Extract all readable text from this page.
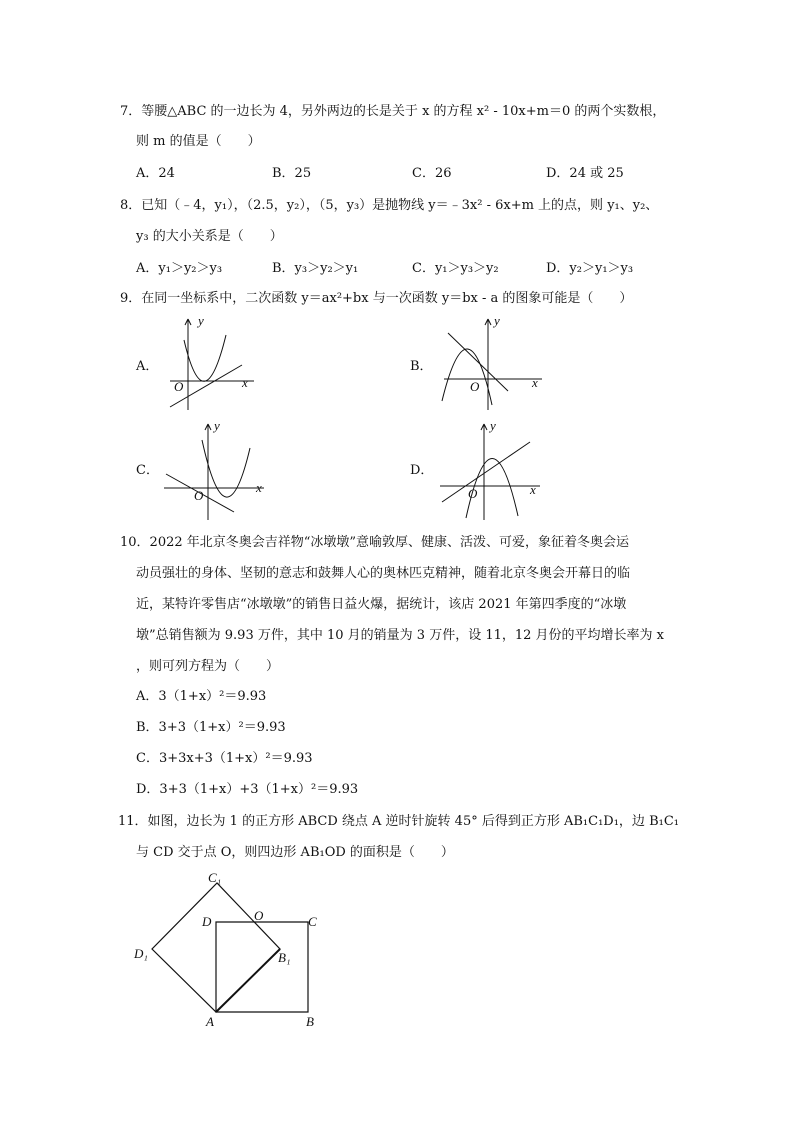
7．等腰△ABC 的一边长为 4，另外两边的长是关于 x 的方程 x² - 10x+m＝0 的两个实数根，
则 m 的值是（　　）
A．24	B．25	C．26	D．24 或 25
8．已知（﹣4，y₁），（2.5，y₂），（5，y₃）是抛物线 y＝﹣3x² - 6x+m 上的点，则 y₁、y₂、
y₃ 的大小关系是（　　）
A．y₁＞y₂＞y₃	B．y₃＞y₂＞y₁	C．y₁＞y₃＞y₂	D．y₂＞y₁＞y₃
9．在同一坐标系中，二次函数 y＝ax²+bx 与一次函数 y＝bx - a 的图象可能是（　　）
A．
y
x
O
B．
y
x
O
C．
y
x
O
D．
y
x
O
10．2022 年北京冬奥会吉祥物“冰墩墩”意喻敦厚、健康、活泼、可爱，象征着冬奥会运
动员强壮的身体、坚韧的意志和鼓舞人心的奥林匹克精神，随着北京冬奥会开幕日的临
近，某特许零售店“冰墩墩”的销售日益火爆，据统计，该店 2021 年第四季度的“冰墩
墩”总销售额为 9.93 万件，其中 10 月的销量为 3 万件，设 11，12 月份的平均增长率为 x
，则可列方程为（　　）
A．3（1+x）²＝9.93
B．3+3（1+x）²＝9.93
C．3+3x+3（1+x）²＝9.93
D．3+3（1+x）+3（1+x）²＝9.93
11．如图，边长为 1 的正方形 ABCD 绕点 A 逆时针旋转 45° 后得到正方形 AB₁C₁D₁，边 B₁C₁
与 CD 交于点 O，则四边形 AB₁OD 的面积是（　　）
A	B
C
D	O
B₁
C₁
D₁
